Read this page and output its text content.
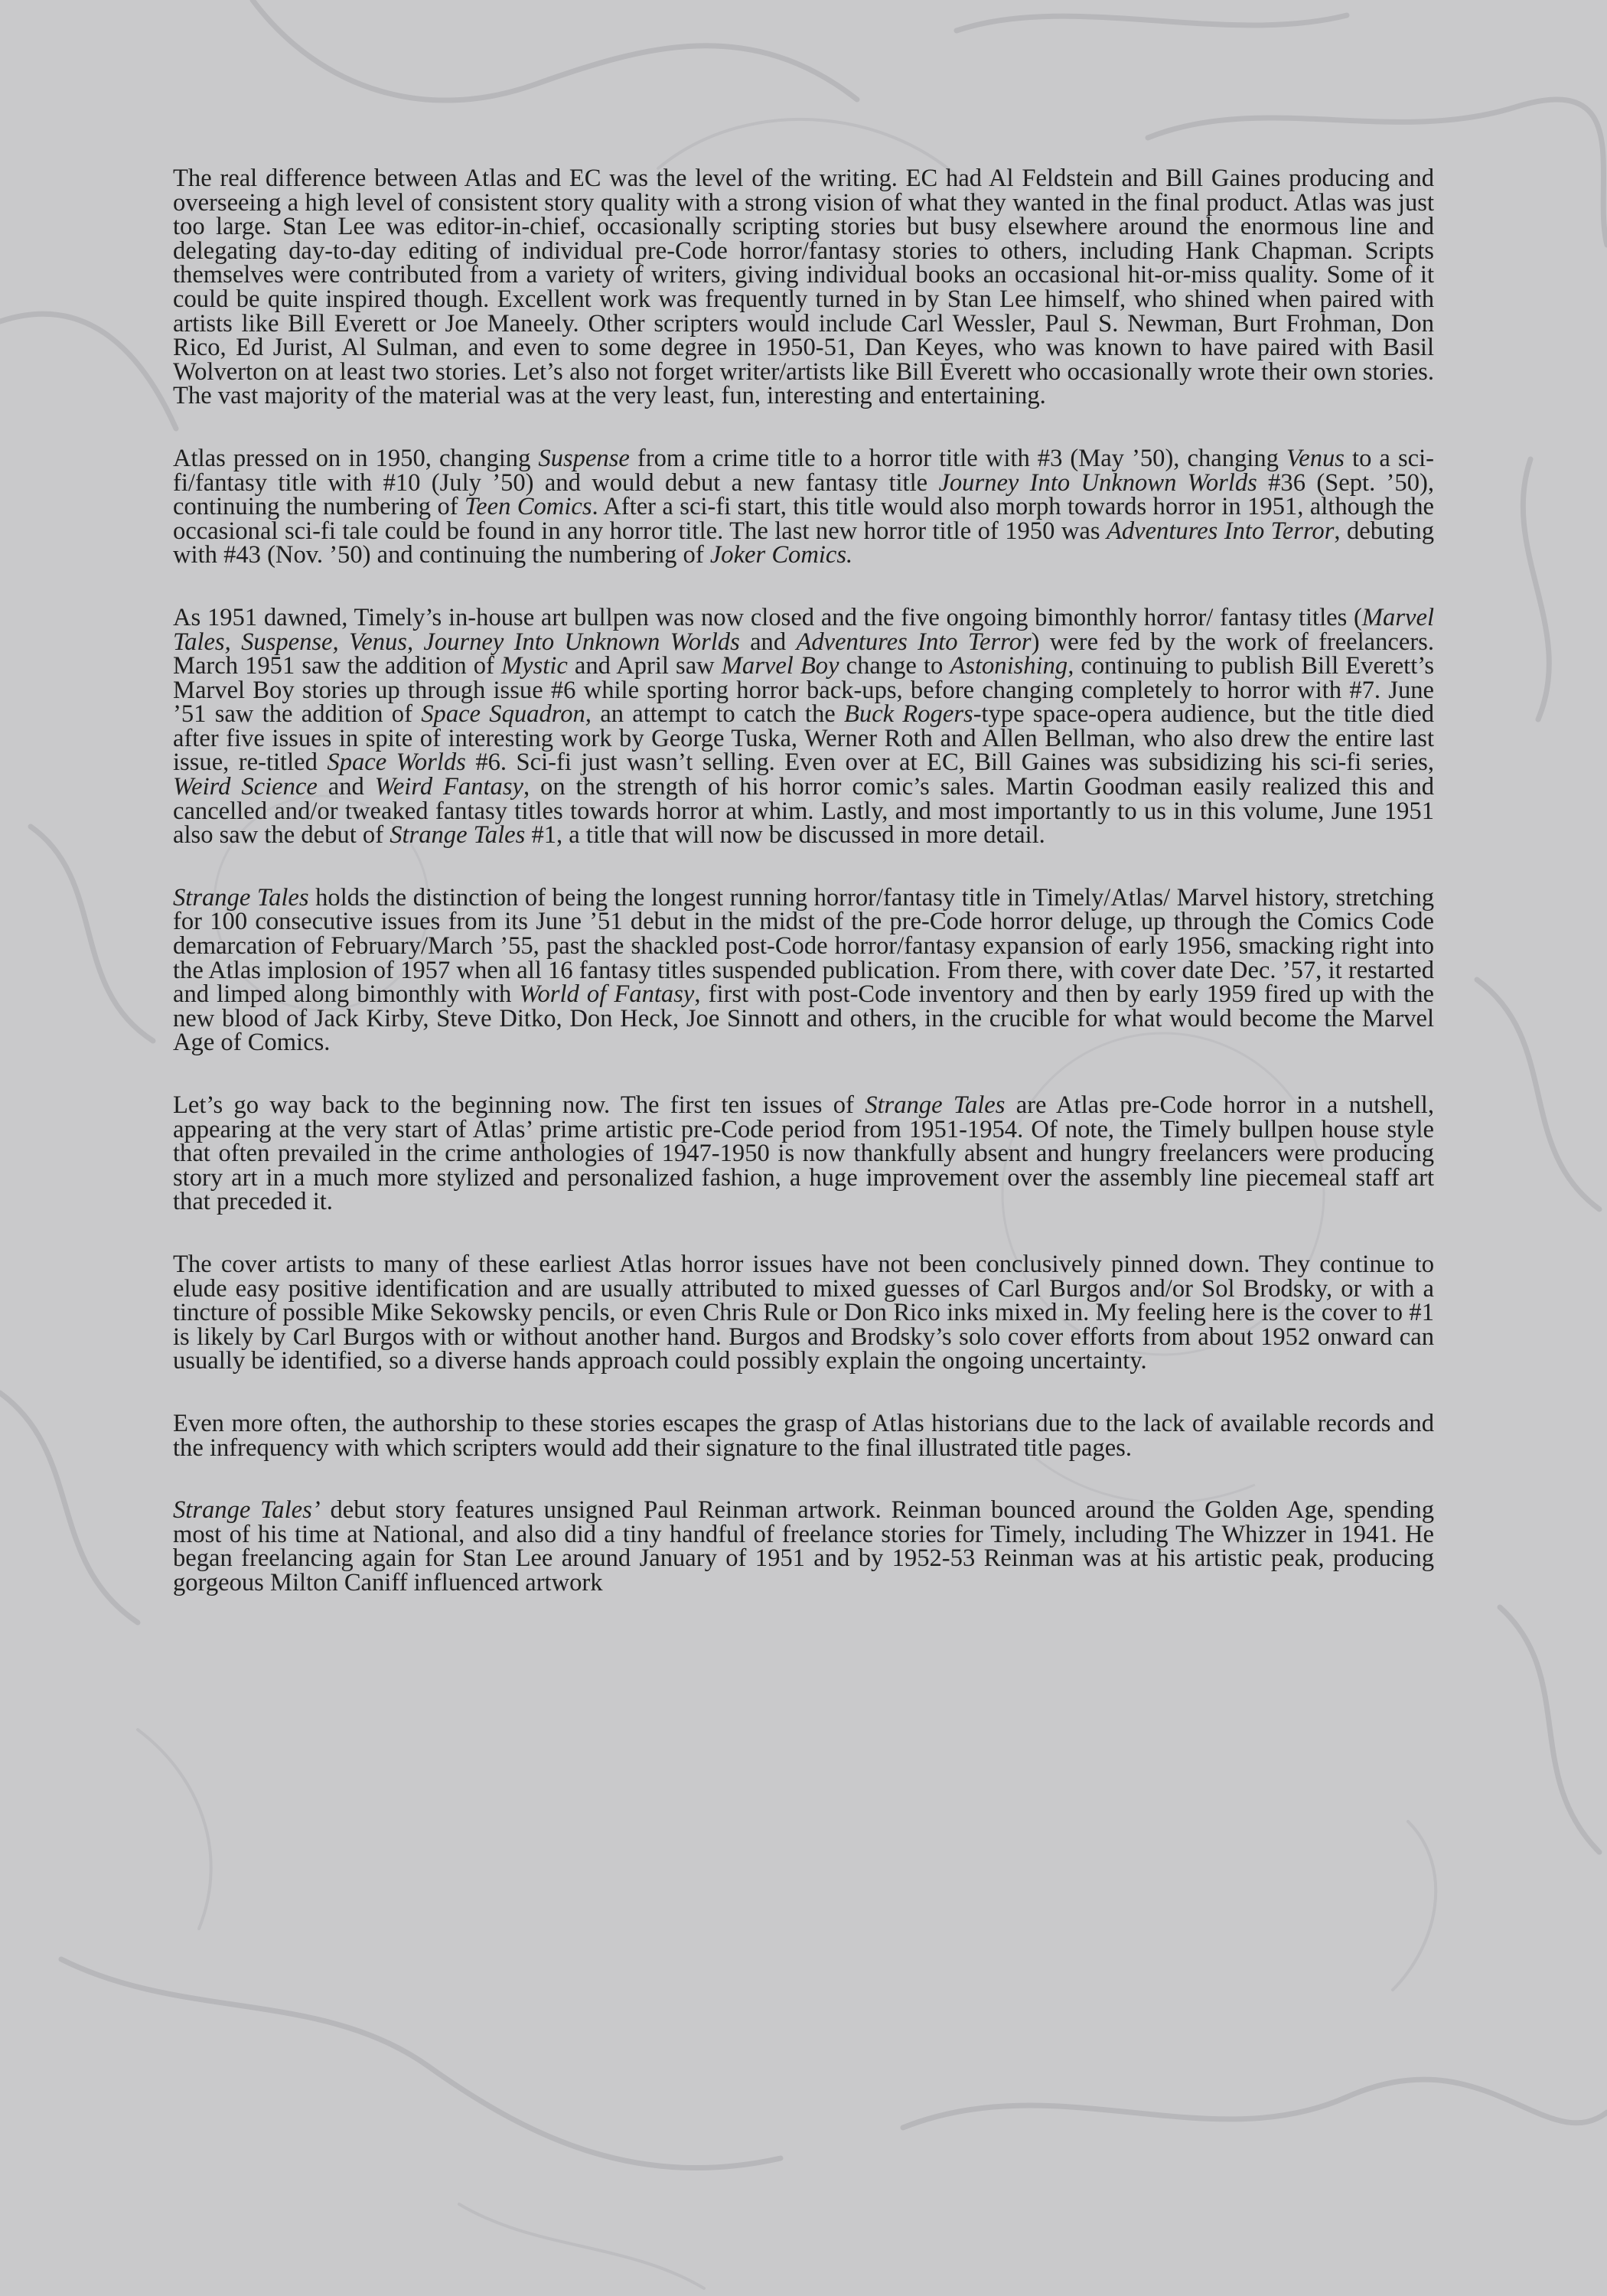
The real difference between Atlas and EC was the level of the writing. EC had Al Feldstein and Bill Gaines producing and overseeing a high level of consistent story quality with a strong vision of what they wanted in the final product. Atlas was just too large. Stan Lee was editor-in-chief, occasionally scripting stories but busy elsewhere around the enormous line and delegating day-to-day editing of individual pre-Code horror/fantasy stories to others, including Hank Chapman. Scripts themselves were contributed from a variety of writers, giving individual books an occasional hit-or-miss quality. Some of it could be quite inspired though. Excellent work was frequently turned in by Stan Lee himself, who shined when paired with artists like Bill Everett or Joe Maneely. Other scripters would include Carl Wessler, Paul S. Newman, Burt Frohman, Don Rico, Ed Jurist, Al Sulman, and even to some degree in 1950-51, Dan Keyes, who was known to have paired with Basil Wolverton on at least two stories. Let’s also not forget writer/artists like Bill Everett who occasionally wrote their own stories. The vast majority of the material was at the very least, fun, interesting and entertaining.

Atlas pressed on in 1950, changing Suspense from a crime title to a horror title with #3 (May ’50), changing Venus to a sci-fi/fantasy title with #10 (July ’50) and would debut a new fantasy title Journey Into Unknown Worlds #36 (Sept. ’50), continuing the numbering of Teen Comics. After a sci-fi start, this title would also morph towards horror in 1951, although the occasional sci-fi tale could be found in any horror title. The last new horror title of 1950 was Adventures Into Terror, debuting with #43 (Nov. ’50) and continuing the numbering of Joker Comics.

As 1951 dawned, Timely’s in-house art bullpen was now closed and the five ongoing bimonthly horror/ fantasy titles (Marvel Tales, Suspense, Venus, Journey Into Unknown Worlds and Adventures Into Terror) were fed by the work of freelancers. March 1951 saw the addition of Mystic and April saw Marvel Boy change to Astonishing, continuing to publish Bill Everett’s Marvel Boy stories up through issue #6 while sporting horror back-ups, before changing completely to horror with #7. June ’51 saw the addition of Space Squadron, an attempt to catch the Buck Rogers-type space-opera audience, but the title died after five issues in spite of interesting work by George Tuska, Werner Roth and Allen Bellman, who also drew the entire last issue, re-titled Space Worlds #6. Sci-fi just wasn’t selling. Even over at EC, Bill Gaines was subsidizing his sci-fi series, Weird Science and Weird Fantasy, on the strength of his horror comic’s sales. Martin Goodman easily realized this and cancelled and/or tweaked fantasy titles towards horror at whim. Lastly, and most importantly to us in this volume, June 1951 also saw the debut of Strange Tales #1, a title that will now be discussed in more detail.

Strange Tales holds the distinction of being the longest running horror/fantasy title in Timely/Atlas/ Marvel history, stretching for 100 consecutive issues from its June ’51 debut in the midst of the pre-Code horror deluge, up through the Comics Code demarcation of February/March ’55, past the shackled post-Code horror/fantasy expansion of early 1956, smacking right into the Atlas implosion of 1957 when all 16 fantasy titles suspended publication. From there, with cover date Dec. ’57, it restarted and limped along bimonthly with World of Fantasy, first with post-Code inventory and then by early 1959 fired up with the new blood of Jack Kirby, Steve Ditko, Don Heck, Joe Sinnott and others, in the crucible for what would become the Marvel Age of Comics.

Let’s go way back to the beginning now. The first ten issues of Strange Tales are Atlas pre-Code horror in a nutshell, appearing at the very start of Atlas’ prime artistic pre-Code period from 1951-1954. Of note, the Timely bullpen house style that often prevailed in the crime anthologies of 1947-1950 is now thankfully absent and hungry freelancers were producing story art in a much more stylized and personalized fashion, a huge improvement over the assembly line piecemeal staff art that preceded it.

The cover artists to many of these earliest Atlas horror issues have not been conclusively pinned down. They continue to elude easy positive identification and are usually attributed to mixed guesses of Carl Burgos and/or Sol Brodsky, or with a tincture of possible Mike Sekowsky pencils, or even Chris Rule or Don Rico inks mixed in. My feeling here is the cover to #1 is likely by Carl Burgos with or without another hand. Burgos and Brodsky’s solo cover efforts from about 1952 onward can usually be identified, so a diverse hands approach could possibly explain the ongoing uncertainty.

Even more often, the authorship to these stories escapes the grasp of Atlas historians due to the lack of available records and the infrequency with which scripters would add their signature to the final illustrated title pages.

Strange Tales’ debut story features unsigned Paul Reinman artwork. Reinman bounced around the Golden Age, spending most of his time at National, and also did a tiny handful of freelance stories for Timely, including The Whizzer in 1941. He began freelancing again for Stan Lee around January of 1951 and by 1952-53 Reinman was at his artistic peak, producing gorgeous Milton Caniff influenced artwork
